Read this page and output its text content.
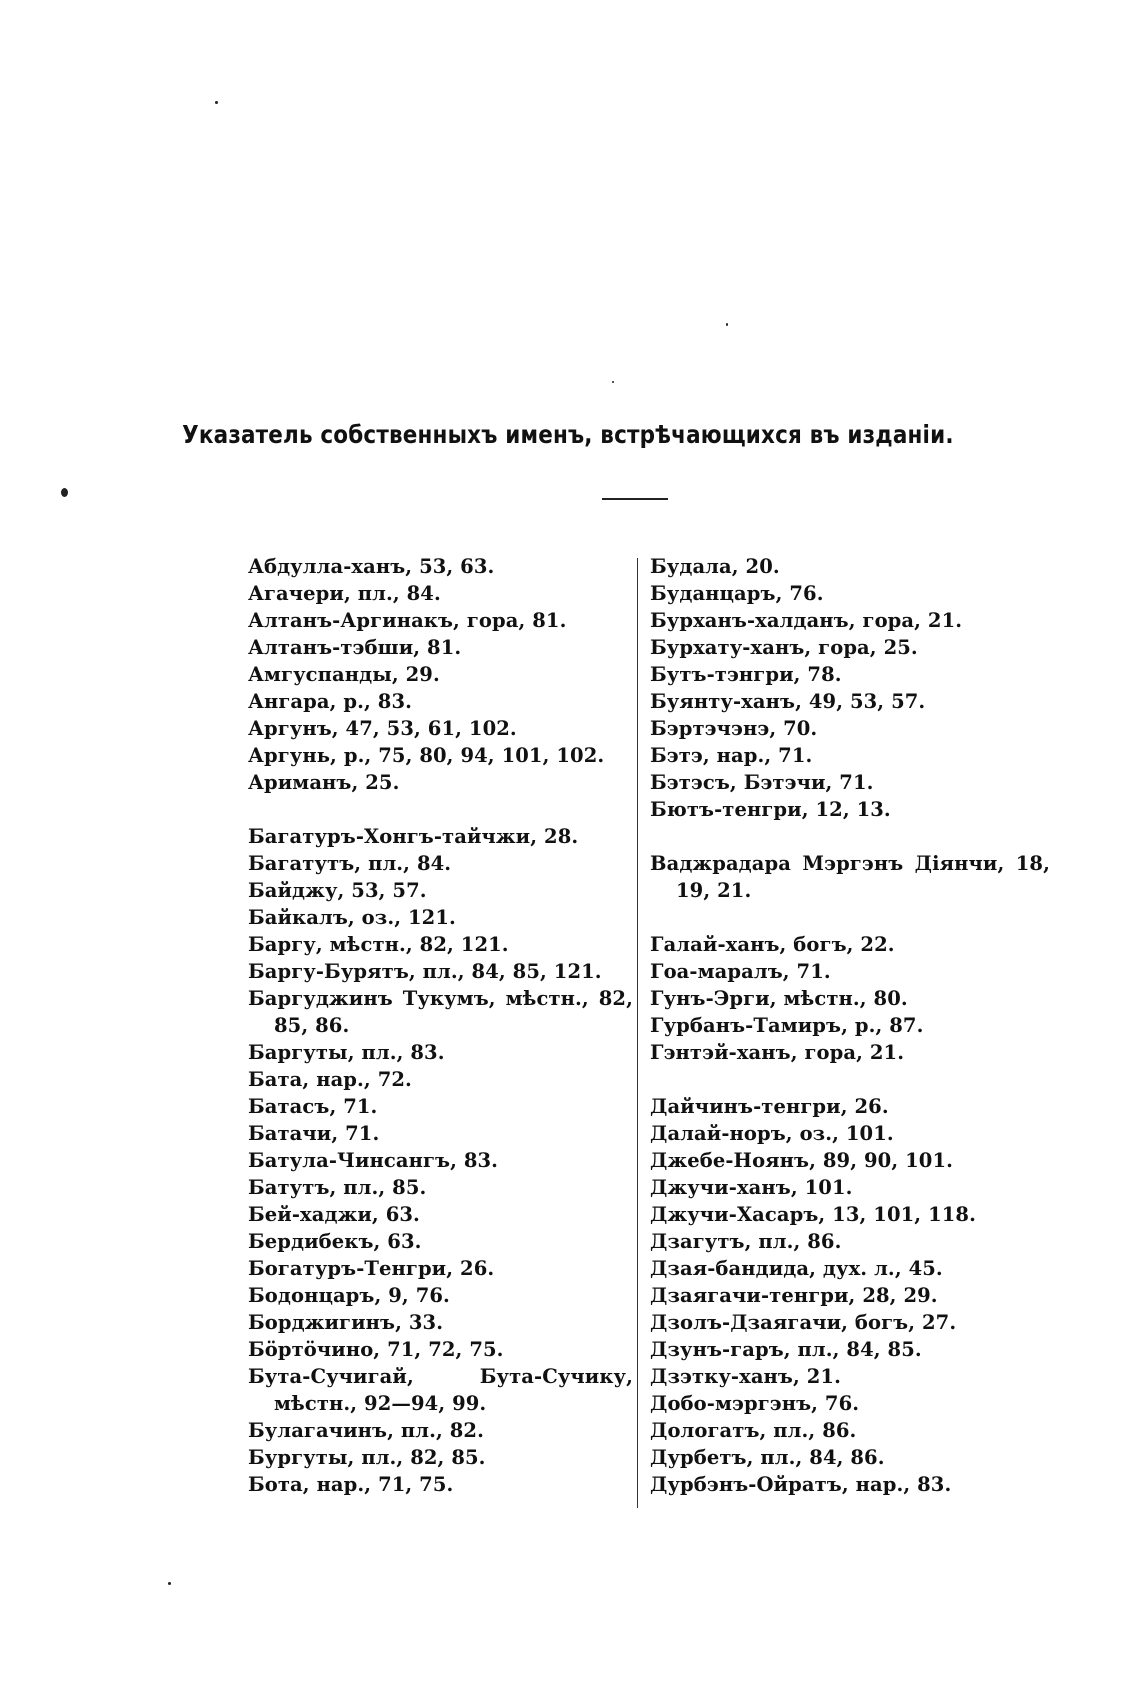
Указатель собственныхъ именъ, встрѣчающихся въ изданіи.
Абдулла-ханъ, 53, 63.
Агачери, пл., 84.
Алтанъ-Аргинакъ, гора, 81.
Алтанъ-тэбши, 81.
Амгуспанды, 29.
Ангара, р., 83.
Аргунъ, 47, 53, 61, 102.
Аргунь, р., 75, 80, 94, 101, 102.
Ариманъ, 25.
Багатуръ-Хонгъ-тайчжи, 28.
Багатутъ, пл., 84.
Байджу, 53, 57.
Байкалъ, оз., 121.
Баргу, мѣстн., 82, 121.
Баргу-Бурятъ, пл., 84, 85, 121.
Баргуджинъ Тукумъ, мѣстн., 82, 85, 86.
Баргуты, пл., 83.
Бата, нар., 72.
Батасъ, 71.
Батачи, 71.
Батула-Чинсангъ, 83.
Батутъ, пл., 85.
Бей-хаджи, 63.
Бердибекъ, 63.
Богатуръ-Тенгри, 26.
Бодонцаръ, 9, 76.
Борджигинъ, 33.
Бöртöчино, 71, 72, 75.
Бута-Сучигай, Бута-Сучику, мѣстн., 92—94, 99.
Булагачинъ, пл., 82.
Бургуты, пл., 82, 85.
Бота, нар., 71, 75.
Будала, 20.
Буданцаръ, 76.
Бурханъ-халданъ, гора, 21.
Бурхату-ханъ, гора, 25.
Бутъ-тэнгри, 78.
Буянту-ханъ, 49, 53, 57.
Бэртэчэнэ, 70.
Бэтэ, нар., 71.
Бэтэсъ, Бэтэчи, 71.
Бютъ-тенгри, 12, 13.
Ваджрадара Мэргэнъ Діянчи, 18, 19, 21.
Галай-ханъ, богъ, 22.
Гоа-маралъ, 71.
Гунъ-Эрги, мѣстн., 80.
Гурбанъ-Тамиръ, р., 87.
Гэнтэй-ханъ, гора, 21.
Дайчинъ-тенгри, 26.
Далай-норъ, оз., 101.
Джебе-Ноянъ, 89, 90, 101.
Джучи-ханъ, 101.
Джучи-Хасаръ, 13, 101, 118.
Дзагутъ, пл., 86.
Дзая-бандида, дух. л., 45.
Дзаягачи-тенгри, 28, 29.
Дзолъ-Дзаягачи, богъ, 27.
Дзунъ-гаръ, пл., 84, 85.
Дзэтку-ханъ, 21.
Добо-мэргэнъ, 76.
Дологатъ, пл., 86.
Дурбетъ, пл., 84, 86.
Дурбэнъ-Ойратъ, нар., 83.
